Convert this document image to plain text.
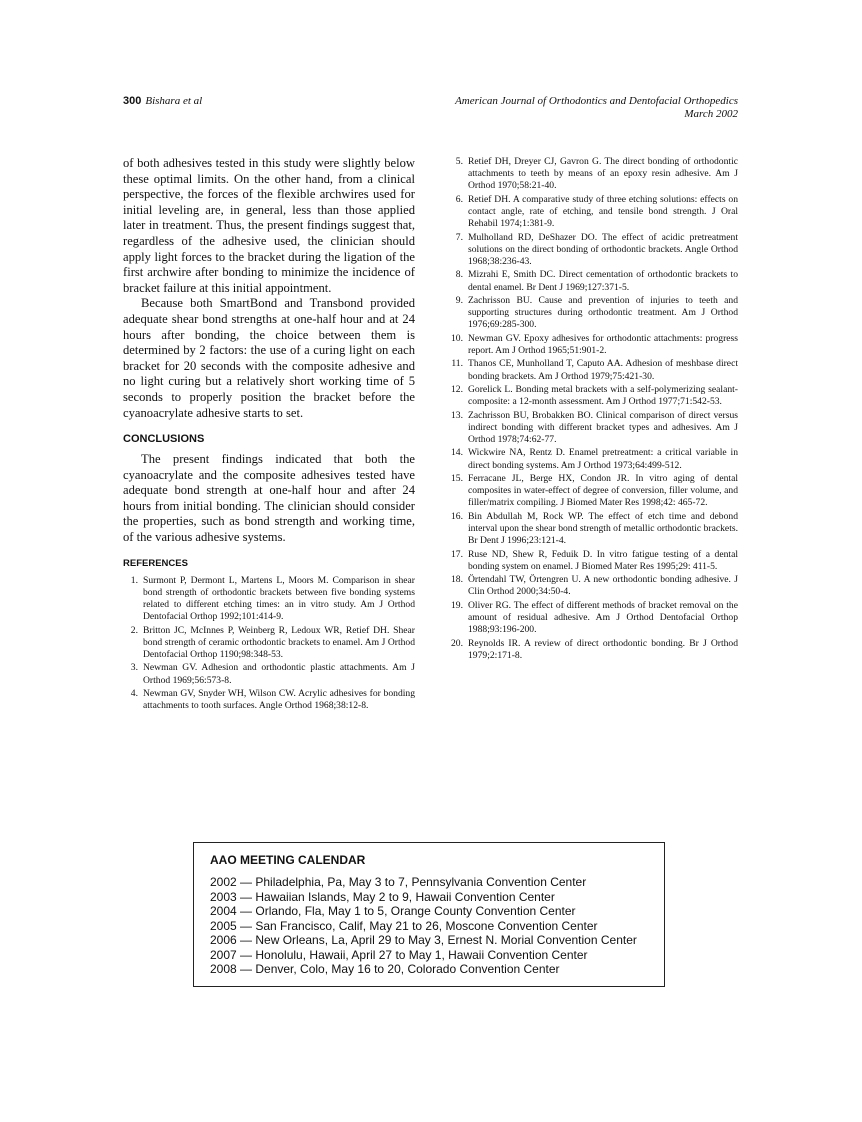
300 Bishara et al	American Journal of Orthodontics and Dentofacial Orthopedics
March 2002

of both adhesives tested in this study were slightly below these optimal limits. On the other hand, from a clinical perspective, the forces of the flexible archwires used for initial leveling are, in general, less than those applied later in treatment. Thus, the present findings suggest that, regardless of the adhesive used, the clinician should apply light forces to the bracket during the ligation of the first archwire after bonding to minimize the incidence of bracket failure at this initial appointment.

Because both SmartBond and Transbond provided adequate shear bond strengths at one-half hour and at 24 hours after bonding, the choice between them is determined by 2 factors: the use of a curing light on each bracket for 20 seconds with the composite adhesive and no light curing but a relatively short working time of 5 seconds to properly position the bracket before the cyanoacrylate adhesive starts to set.

CONCLUSIONS

The present findings indicated that both the cyanoacrylate and the composite adhesives tested have adequate bond strength at one-half hour and after 24 hours from initial bonding. The clinician should consider the properties, such as bond strength and working time, of the various adhesive systems.

REFERENCES
1. Surmont P, Dermont L, Martens L, Moors M. Comparison in shear bond strength of orthodontic brackets between five bonding systems related to different etching times: an in vitro study. Am J Orthod Dentofacial Orthop 1992;101:414-9.
2. Britton JC, McInnes P, Weinberg R, Ledoux WR, Retief DH. Shear bond strength of ceramic orthodontic brackets to enamel. Am J Orthod Dentofacial Orthop 1190;98:348-53.
3. Newman GV. Adhesion and orthodontic plastic attachments. Am J Orthod 1969;56:573-8.
4. Newman GV, Snyder WH, Wilson CW. Acrylic adhesives for bonding attachments to tooth surfaces. Angle Orthod 1968;38:12-8.
5. Retief DH, Dreyer CJ, Gavron G. The direct bonding of orthodontic attachments to teeth by means of an epoxy resin adhesive. Am J Orthod 1970;58:21-40.
6. Retief DH. A comparative study of three etching solutions: effects on contact angle, rate of etching, and tensile bond strength. J Oral Rehabil 1974;1:381-9.
7. Mulholland RD, DeShazer DO. The effect of acidic pretreatment solutions on the direct bonding of orthodontic brackets. Angle Orthod 1968;38:236-43.
8. Mizrahi E, Smith DC. Direct cementation of orthodontic brackets to dental enamel. Br Dent J 1969;127:371-5.
9. Zachrisson BU. Cause and prevention of injuries to teeth and supporting structures during orthodontic treatment. Am J Orthod 1976;69:285-300.
10. Newman GV. Epoxy adhesives for orthodontic attachments: progress report. Am J Orthod 1965;51:901-2.
11. Thanos CE, Munholland T, Caputo AA. Adhesion of meshbase direct bonding brackets. Am J Orthod 1979;75:421-30.
12. Gorelick L. Bonding metal brackets with a self-polymerizing sealant-composite: a 12-month assessment. Am J Orthod 1977;71:542-53.
13. Zachrisson BU, Brobakken BO. Clinical comparison of direct versus indirect bonding with different bracket types and adhesives. Am J Orthod 1978;74:62-77.
14. Wickwire NA, Rentz D. Enamel pretreatment: a critical variable in direct bonding systems. Am J Orthod 1973;64:499-512.
15. Ferracane JL, Berge HX, Condon JR. In vitro aging of dental composites in water-effect of degree of conversion, filler volume, and filler/matrix compiling. J Biomed Mater Res 1998;42: 465-72.
16. Bin Abdullah M, Rock WP. The effect of etch time and debond interval upon the shear bond strength of metallic orthodontic brackets. Br Dent J 1996;23:121-4.
17. Ruse ND, Shew R, Feduik D. In vitro fatigue testing of a dental bonding system on enamel. J Biomed Mater Res 1995;29: 411-5.
18. Örtendahl TW, Örtengren U. A new orthodontic bonding adhesive. J Clin Orthod 2000;34:50-4.
19. Oliver RG. The effect of different methods of bracket removal on the amount of residual adhesive. Am J Orthod Dentofacial Orthop 1988;93:196-200.
20. Reynolds IR. A review of direct orthodontic bonding. Br J Orthod 1979;2:171-8.
AAO MEETING CALENDAR
2002 — Philadelphia, Pa, May 3 to 7, Pennsylvania Convention Center
2003 — Hawaiian Islands, May 2 to 9, Hawaii Convention Center
2004 — Orlando, Fla, May 1 to 5, Orange County Convention Center
2005 — San Francisco, Calif, May 21 to 26, Moscone Convention Center
2006 — New Orleans, La, April 29 to May 3, Ernest N. Morial Convention Center
2007 — Honolulu, Hawaii, April 27 to May 1, Hawaii Convention Center
2008 — Denver, Colo, May 16 to 20, Colorado Convention Center
